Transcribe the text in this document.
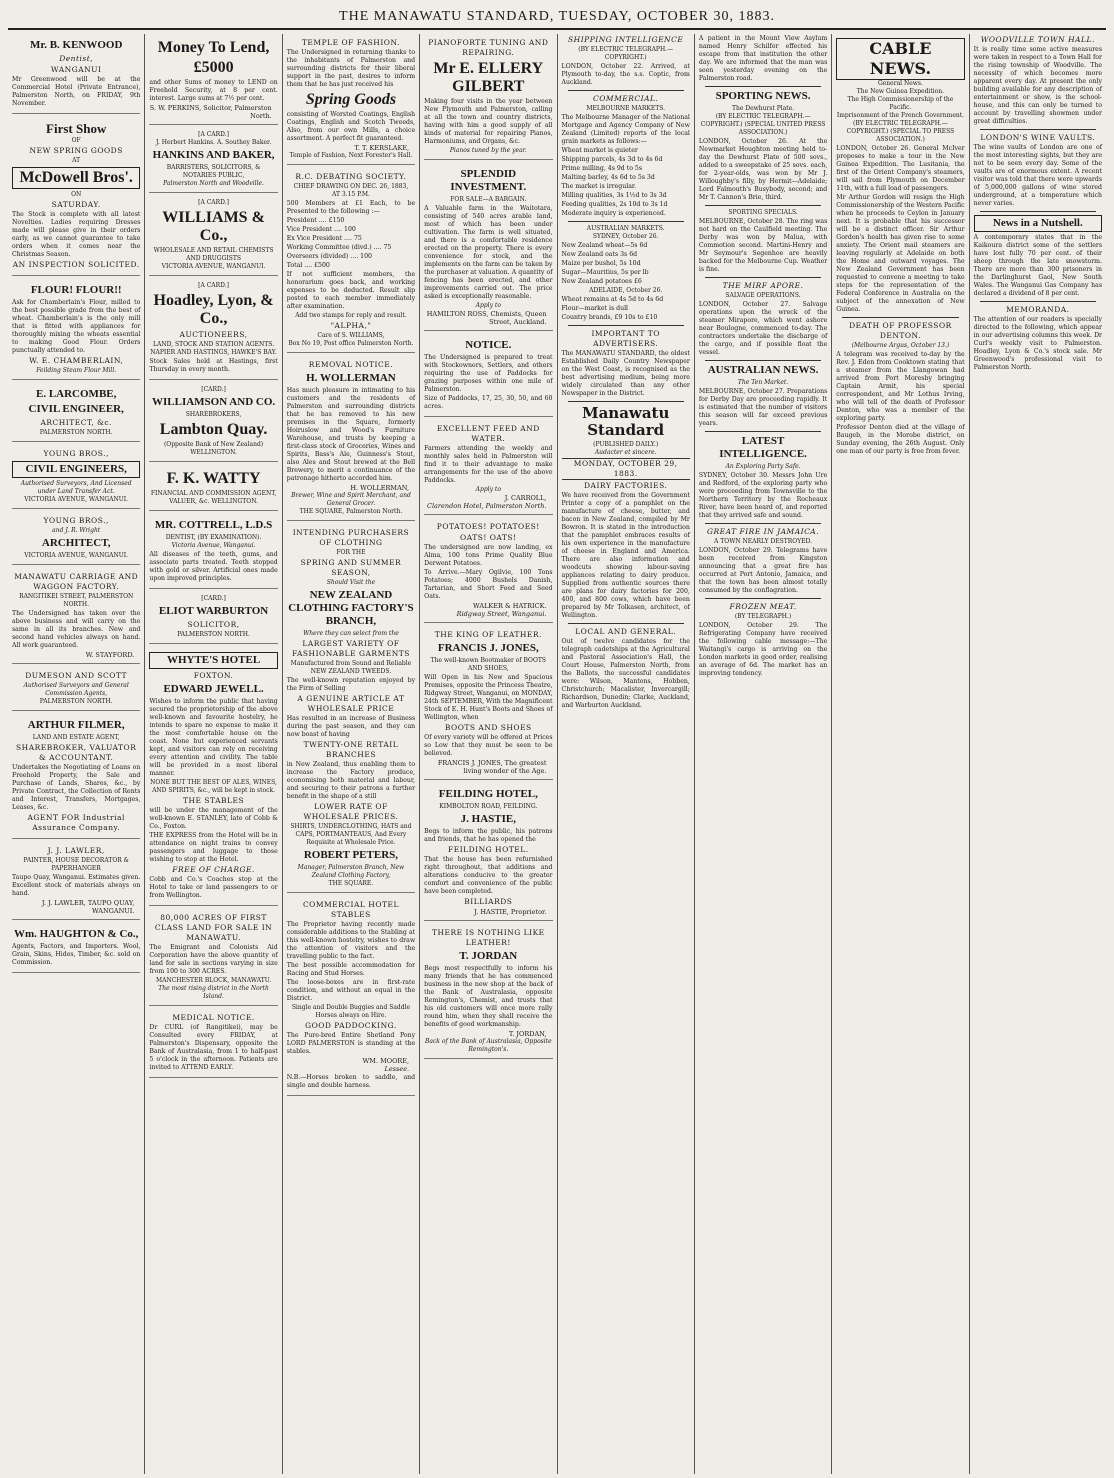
THE MANAWATU STANDARD, TUESDAY, OCTOBER 30, 1883.
Mr. B. KENWOOD
Dentist,
WANGANUI
Mr Greenwood will be at the Commercial Hotel (Private Entrance), Palmerston North, on FRIDAY, 9th November.
First Show
OF
NEW SPRING GOODS
AT
McDowell Bros'.
ON
SATURDAY.
The Stock is complete with all latest Novelties. Ladies requiring Dresses made will please give in their orders early, as we cannot guarantee to take orders when it comes near the Christmas Season.
AN INSPECTION SOLICITED.
FLOUR! FLOUR!!
Ask for Chamberlain's Flour, milled to the best possible grade from the best of wheat. Chamberlain's is the only mill that is fitted with appliances for thoroughly mixing the wheats essential to making Good Flour. Orders punctually attended to.
W. E. CHAMBERLAIN,
Feilding Steam Flour Mill.
E. LARCOMBE,
CIVIL ENGINEER,
ARCHITECT, &c.
PALMERSTON NORTH.
YOUNG BROS.,
CIVIL ENGINEERS,
Authorised Surveyors, And Licensed under Land Transfer Act.
VICTORIA AVENUE, WANGANUI.
YOUNG BROS.,
and J. R. Wright
ARCHITECT,
VICTORIA AVENUE, WANGANUI.
MANAWATU CARRIAGE AND WAGGON FACTORY.
RANGITIKEI STREET, PALMERSTON NORTH.
The Undersigned has taken over the above business and will carry on the same in all its branches. New and second hand vehicles always on hand. All work guaranteed.
W. STAYFORD.
DUMESON AND SCOTT
Authorised Surveyors and General Commission Agents,
PALMERSTON NORTH.
ARTHUR FILMER,
LAND AND ESTATE AGENT,
SHAREBROKER, VALUATOR & ACCOUNTANT.
Undertakes the Negotiating of Loans on Freehold Property, the Sale and Purchase of Lands, Shares, &c., by Private Contract, the Collection of Rents and Interest, Transfers, Mortgages, Leases, &c.
AGENT FOR Industrial Assurance Company.
J. J. LAWLER,
PAINTER, HOUSE DECORATOR & PAPERHANGER
Taupo Quay, Wanganui. Estimates given. Excellent stock of materials always on hand.
J. J. LAWLER, TAUPO QUAY, WANGANUI.
Wm. HAUGHTON & Co.,
Agents, Factors, and Importers. Wool, Grain, Skins, Hides, Timber, &c. sold on Commission.
Money To Lend,
£5000
and other Sums of money to LEND on Freehold Security, at 8 per cent. interest. Large sums at 7½ per cent.
S. W. PERKINS, Solicitor, Palmerston North.
[A CARD.]
J. Herbert Hankins. A. Southey Baker.
HANKINS AND BAKER,
BARRISTERS, SOLICITORS, & NOTARIES PUBLIC,
Palmerston North and Woodville.
[A CARD.]
WILLIAMS & Co.,
WHOLESALE AND RETAIL CHEMISTS AND DRUGGISTS
VICTORIA AVENUE, WANGANUI.
[A CARD.]
Hoadley, Lyon, & Co.,
AUCTIONEERS,
LAND, STOCK AND STATION AGENTS.
NAPIER AND HASTINGS, HAWKE'S BAY.
Stock Sales held at Hastings, first Thursday in every month.
[CARD.]
WILLIAMSON AND CO.
SHAREBROKERS,
Lambton Quay.
(Opposite Bank of New Zealand) WELLINGTON.
F. K. WATTY
FINANCIAL AND COMMISSION AGENT,
VALUER, &c. WELLINGTON.
MR. COTTRELL, L.D.S
DENTIST, (BY EXAMINATION).
Victoria Avenue, Wanganui.
All diseases of the teeth, gums, and associate parts treated. Teeth stopped with gold or silver. Artificial ones made upon improved principles.
[CARD.]
ELIOT WARBURTON
SOLICITOR,
PALMERSTON NORTH.
WHYTE'S HOTEL
FOXTON.
EDWARD JEWELL.
Wishes to inform the public that having secured the proprietorship of the above well-known and favourite hostelry, he intends to spare no expense to make it the most comfortable house on the coast. None but experienced servants kept, and visitors can rely on receiving every attention and civility. The table will be provided in a most liberal manner.
NONE BUT THE BEST OF ALES, WINES, AND SPIRITS, &c., will be kept in stock.
THE STABLES
will be under the management of the well-known E. STANLEY, late of Cobb & Co., Foxton.
THE EXPRESS from the Hotel will be in attendance on night trains to convey passengers and luggage to those wishing to stop at the Hotel.
FREE OF CHARGE.
Cobb and Co.'s Coaches stop at the Hotel to take or land passengers to or from Wellington.
80,000 ACRES OF FIRST CLASS LAND FOR SALE IN MANAWATU.
The Emigrant and Colonists Aid Corporation have the above quantity of land for sale in sections varying in size from 100 to 300 ACRES.
MANCHESTER BLOCK, MANAWATU.
The most rising district in the North Island.
MEDICAL NOTICE.
Dr CURL (of Rangitikei), may be Consulted every FRIDAY, at Palmerston's Dispensary, opposite the Bank of Australasia, from 1 to half-past 5 o'clock in the afternoon. Patients are invited to ATTEND EARLY.
TEMPLE OF FASHION.
The Undersigned in returning thanks to the inhabitants of Palmerston and surrounding districts for their liberal support in the past, desires to inform them that he has just received his
Spring Goods
consisting of Worsted Coatings, English Coatings, English and Scotch Tweeds, Also, from our own Mills, a choice assortment. A perfect fit guaranteed.
T. T. KERSLAKE,
Temple of Fashion, Next Forester's Hall.
R.C. DEBATING SOCIETY.
CHIEF DRAWING ON DEC. 26, 1883,
AT 3.15 P.M.
500 Members at £1 Each, to be Presented to the following :—
President .... £150
Vice President .... 100
Ex Vice President .... 75
Working Committee (divd.) .... 75
Overseers (divided) .... 100
Total .... £500
If not sufficient members, the honorarium goes back, and working expenses to be deducted. Result slip posted to each member immediately after examination.
Add two stamps for reply and result.
"ALPHA,"
Care of S. WILLIAMS,
Box No 19, Post office Palmerston North.
REMOVAL NOTICE.
H. WOLLERMAN
Has much pleasure in intimating to his customers and the residents of Palmerston and surrounding districts that he has removed to his new premises in the Square, formerly Hoiruslow and Wood's Furniture Warehouse, and trusts by keeping a first-class stock of Groceries, Wines and Spirits, Bass's Ale, Guinness's Stout, also Ales and Stout brewed at the Bell Brewery, to merit a continuance of the patronage hitherto accorded him.
H. WOLLERMAN,
Brewer, Wine and Spirit Merchant, and General Grocer.
THE SQUARE, Palmerston North.
INTENDING PURCHASERS OF CLOTHING
FOR THE
SPRING AND SUMMER SEASON,
Should Visit the
NEW ZEALAND CLOTHING FACTORY'S BRANCH,
Where they can select from the
LARGEST VARIETY OF FASHIONABLE GARMENTS
Manufactured from Sound and Reliable NEW ZEALAND TWEEDS.
The well-known reputation enjoyed by the Firm of Selling
A GENUINE ARTICLE AT WHOLESALE PRICE
Has resulted in an increase of Business during the past season, and they can now boast of having
TWENTY-ONE RETAIL BRANCHES
in New Zealand, thus enabling them to increase the Factory produce, economising both material and labour, and securing to their patrons a further benefit in the shape of a still
LOWER RATE OF WHOLESALE PRICES.
SHIRTS, UNDERCLOTHING, HATS and CAPS, PORTMANTEAUS, And Every Requisite at Wholesale Price.
ROBERT PETERS,
Manager, Palmerston Branch, New Zealand Clothing Factory,
THE SQUARE.
COMMERCIAL HOTEL STABLES
The Proprietor having recently made considerable additions to the Stabling at this well-known hostelry, wishes to draw the attention of visitors and the travelling public to the fact.
The best possible accommodation for Racing and Stud Horses.
The loose-boxes are in first-rate condition, and without an equal in the District.
Single and Double Buggies and Saddle Horses always on Hire.
GOOD PADDOCKING.
The Pure-bred Entire Shetland Pony LORD PALMERSTON is standing at the stables.
WM. MOORE,
Lessee.
N.B.—Horses broken to saddle, and single and double harness.
PIANOFORTE TUNING AND REPAIRING.
Mr E. ELLERY GILBERT
Making four visits in the year between New Plymouth and Palmerston, calling at all the town and country districts, having with him a good supply of all kinds of material for repairing Pianos, Harmoniums, and Organs, &c.
Pianos tuned by the year.
SPLENDID INVESTMENT.
FOR SALE—A BARGAIN.
A Valuable farm in the Waitotara, consisting of 540 acres arable land, most of which has been under cultivation. The farm is well situated, and there is a comfortable residence erected on the property. There is every convenience for stock, and the implements on the farm can be taken by the purchaser at valuation. A quantity of fencing has been erected, and other improvements carried out. The price asked is exceptionally reasonable.
Apply to
HAMILTON ROSS, Chemists, Queen Street, Auckland.
NOTICE.
The Undersigned is prepared to treat with Stockowners, Settlers, and others requiring the use of Paddocks for grazing purposes within one mile of Palmerston.
Size of Paddocks, 17, 25, 30, 50, and 60 acres.
EXCELLENT FEED AND WATER.
Farmers attending the weekly and monthly sales held in Palmerston will find it to their advantage to make arrangements for the use of the above Paddocks.
Apply to
J. CARROLL,
Clarendon Hotel, Palmerston North.
POTATOES! POTATOES!
OATS! OATS!
The undersigned are now landing, ex Alma, 100 tons Prime Quality Blue Derwent Potatoes.
To Arrive.—Mary Ogilvie, 100 Tons Potatoes; 4000 Bushels Danish, Tartarian, and Short Feed and Seed Oats.
WALKER & HATRICK.
Ridgway Street, Wanganui.
THE KING OF LEATHER.
FRANCIS J. JONES,
The well-known Bootmaker of BOOTS AND SHOES,
Will Open in his New and Spacious Premises, opposite the Princess Theatre, Ridgway Street, Wanganui, on MONDAY, 24th SEPTEMBER, With the Magnificent Stock of E. H. Hunt's Boots and Shoes of Wellington, when
BOOTS AND SHOES
Of every variety will be offered at Prices so Low that they must be seen to be believed.
FRANCIS J. JONES, The greatest living wonder of the Age.
FEILDING HOTEL,
KIMBOLTON ROAD, FEILDING.
J. HASTIE,
Begs to inform the public, his patrons and friends, that he has opened the
FEILDING HOTEL.
That the house has been refurnished right throughout, that additions and alterations conducive to the greater comfort and convenience of the public have been completed.
BILLIARDS
J. HASTIE, Proprietor.
THERE IS NOTHING LIKE LEATHER!
T. JORDAN
Begs most respectfully to inform his many friends that he has commenced business in the new shop at the back of the Bank of Australasia, opposite Remington's, Chemist, and trusts that his old customers will once more rally round him, when they shall receive the benefits of good workmanship.
T. JORDAN,
Back of the Bank of Australasia, Opposite Remington's.
SHIPPING INTELLIGENCE
(BY ELECTRIC TELEGRAPH.—COPYRIGHT.)
LONDON, October 22. Arrived, at Plymouth to-day, the s.s. Coptic, from Auckland.
COMMERCIAL.
MELBOURNE MARKETS.
The Melbourne Manager of the National Mortgage and Agency Company of New Zealand (Limited) reports of the local grain markets as follows:—
Wheat market is quieter
Shipping parcels, 4s 3d to 4s 6d
Prime milling, 4s 9d to 5s
Malting barley, 4s 6d to 5s 3d
The market is irregular.
Milling qualities, 3s 1½d to 3s 3d
Feeding qualities, 2s 10d to 3s 1d
Moderate inquiry is experienced.
AUSTRALIAN MARKETS.
SYDNEY, October 26.
New Zealand wheat—5s 6d
New Zealand oats 3s 6d
Maize per bushel, 5s 10d
Sugar—Mauritius, 5s per lb
New Zealand potatoes £6
ADELAIDE, October 26.
Wheat remains at 4s 5d to 4s 6d
Flour—market is dull
Country brands, £9 10s to £10
IMPORTANT TO ADVERTISERS.
The MANAWATU STANDARD, the oldest Established Daily Country Newspaper on the West Coast, is recognised as the best advertising medium, being more widely circulated than any other Newspaper in the District.
Manawatu Standard
(PUBLISHED DAILY.)
Audacter et sincere.
MONDAY, OCTOBER 29, 1883.
DAIRY FACTORIES.
We have received from the Government Printer a copy of a pamphlet on the manufacture of cheese, butter, and bacon in New Zealand, compiled by Mr Bowron. It is stated in the introduction that the pamphlet embraces results of his own experience in the manufacture of cheese in England and America. There are also information and woodcuts showing labour-saving appliances relating to dairy produce. Supplied from authentic sources there are plans for dairy factories for 200, 400, and 800 cows, which have been prepared by Mr Tolkasen, architect, of Wellington.
LOCAL AND GENERAL.
Out of twelve candidates for the telegraph cadetships at the Agricultural and Pastoral Association's Hall, the Court House, Palmerston North, from the Ballots, the successful candidates were: Wilson, Mantons, Hobben, Christchurch; Macalister, Invercargill; Richardson, Dunedin; Clarke, Auckland, and Warburton Auckland.
A patient in the Mount View Asylum named Henry Schilfer effected his escape from that institution the other day. We are informed that the man was seen yesterday evening on the Palmerston road.
SPORTING NEWS.
The Dewhurst Plate.
(BY ELECTRIC TELEGRAPH.—COPYRIGHT.) (SPECIAL UNITED PRESS ASSOCIATION.)
LONDON, October 26. At the Newmarket Houghton meeting held to-day the Dewhurst Plate of 500 sovs., added to a sweepstake of 25 sovs. each, for 2-year-olds, was won by Mr J. Willoughby's filly, by Hermit—Adelaide; Lord Falmouth's Busybody, second; and Mr T. Cannon's Brie, third.
SPORTING SPECIALS.
MELBOURNE, October 28. The ring was not hard on the Caulfield meeting. The Derby was won by Malua, with Commotion second. Martini-Henry and Mr Seymour's Segenhoe are heavily backed for the Melbourne Cup. Weather is fine.
THE MIRF APORE.
SALVAGE OPERATIONS.
LONDON, October 27. Salvage operations upon the wreck of the steamer Mirapore, which went ashore near Boulogne, commenced to-day. The contractors undertake the discharge of the cargo, and if possible float the vessel.
AUSTRALIAN NEWS.
The Ten Market.
MELBOURNE, October 27. Preparations for Derby Day are proceeding rapidly. It is estimated that the number of visitors this season will far exceed previous years.
LATEST INTELLIGENCE.
An Exploring Party Safe.
SYDNEY, October 30. Messrs John Ure and Redford, of the exploring party who were proceeding from Townsville to the Northern Territory by the Rocheaux River, have been heard of, and reported that they arrived safe and sound.
GREAT FIRE IN JAMAICA.
A TOWN NEARLY DESTROYED.
LONDON, October 29. Telegrams have been received from Kingston announcing that a great fire has occurred at Port Antonio, Jamaica, and that the town has been almost totally consumed by the conflagration.
FROZEN MEAT.
(BY TELEGRAPH.)
LONDON, October 29. The Refrigerating Company have received the following cable message:—The Waitangi's cargo is arriving on the London markets in good order, realising an average of 6d. The market has an improving tendency.
CABLE NEWS.
General News.
The New Guinea Expedition.
The High Commissionership of the Pacific.
Imprisonment of the French Government.
(BY ELECTRIC TELEGRAPH.—COPYRIGHT.) (SPECIAL TO PRESS ASSOCIATION.)
LONDON, October 26. General McIver proposes to make a tour in the New Guinea Expedition. The Lusitania, the first of the Orient Company's steamers, will sail from Plymouth on December 11th, with a full load of passengers.
Mr Arthur Gordon will resign the High Commissionership of the Western Pacific when he proceeds to Ceylon in January next. It is probable that his successor will be a distinct officer. Sir Arthur Gordon's health has given rise to some anxiety. The Orient mail steamers are leaving regularly at Adelaide on both the Home and outward voyages. The New Zealand Government has been requested to convene a meeting to take steps for the representation of the Federal Conference in Australia on the subject of the annexation of New Guinea.
DEATH OF PROFESSOR DENTON.
(Melbourne Argus, October 13.)
A telegram was received to-day by the Rev. J. Eden from Cooktown stating that a steamer from the Llangowan had arrived from Port Moresby bringing Captain Armit, his special correspondent, and Mr Lothus Irving, who will tell of the death of Professor Denton, who was a member of the exploring party.
Professor Denton died at the village of Baugeb, in the Morobe district, on Sunday evening, the 26th August. Only one man of our party is free from fever.
WOODVILLE TOWN HALL.
It is really time some active measures were taken in respect to a Town Hall for the rising township of Woodville. The necessity of which becomes more apparent every day. At present the only building available for any description of entertainment or show, is the school-house, and this can only be turned to account by travelling showmen under great difficulties.
LONDON'S WINE VAULTS.
The wine vaults of London are one of the most interesting sights, but they are not to be seen every day. Some of the vaults are of enormous extent. A recent visitor was told that there were upwards of 5,000,000 gallons of wine stored underground, at a temperature which never varies.
News in a Nutshell.
A contemporary states that in the Kaikoura district some of the settlers have lost fully 70 per cent. of their sheep through the late snowstorm. There are more than 300 prisoners in the Darlinghurst Gaol, New South Wales. The Wanganui Gas Company has declared a dividend of 8 per cent.
MEMORANDA.
The attention of our readers is specially directed to the following, which appear in our advertising columns this week. Dr Curl's weekly visit to Palmerston. Hoadley, Lyon & Co.'s stock sale. Mr Greenwood's professional visit to Palmerston North.
